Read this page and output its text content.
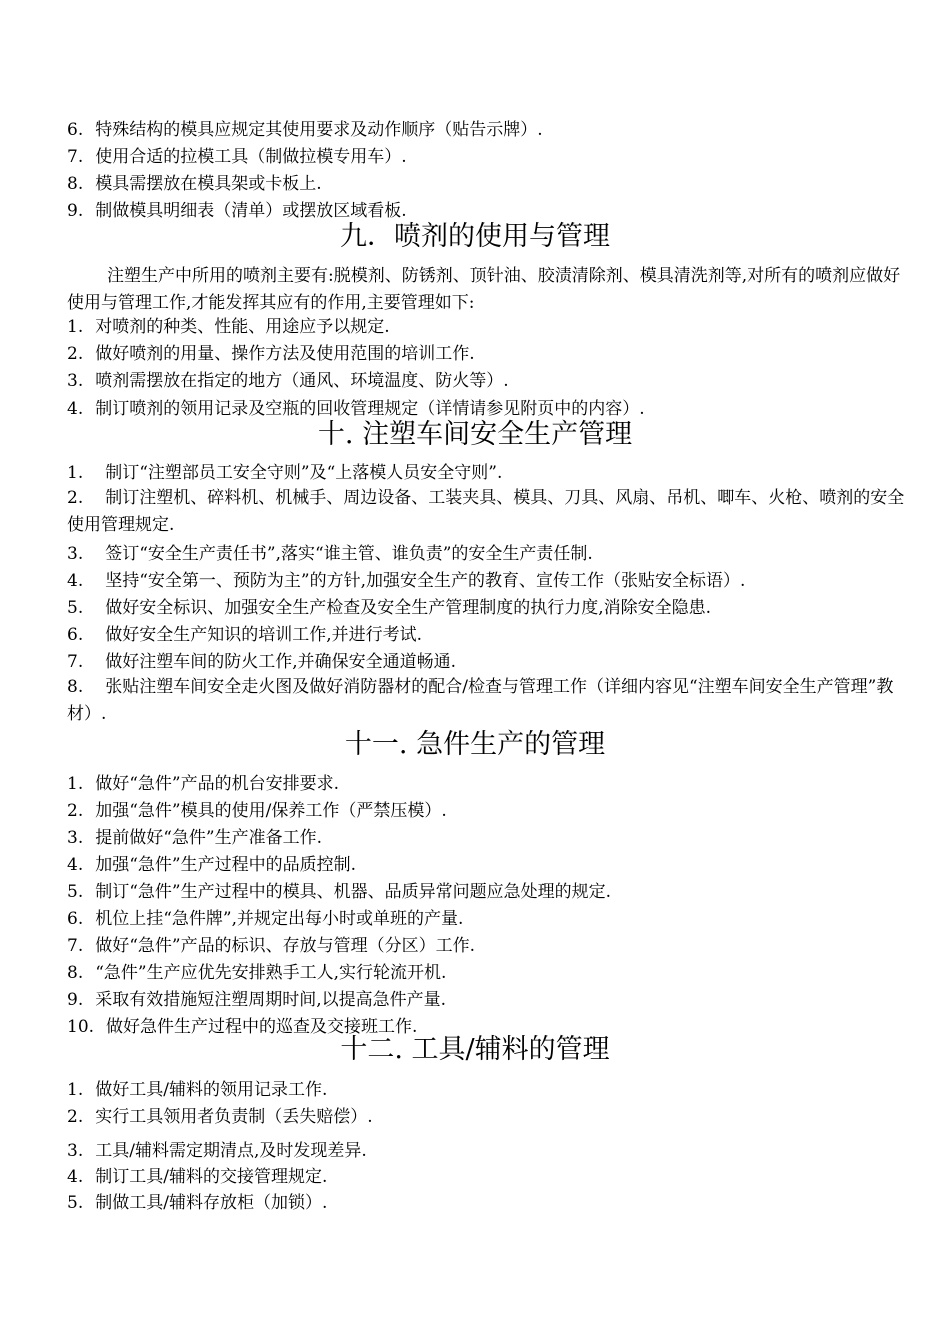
6. 特殊结构的模具应规定其使用要求及动作顺序（贴告示牌）.
7. 使用合适的拉模工具（制做拉模专用车）.
8. 模具需摆放在模具架或卡板上.
9. 制做模具明细表（清单）或摆放区域看板.
九．喷剂的使用与管理
注塑生产中所用的喷剂主要有:脱模剂、防锈剂、顶针油、胶渍清除剂、模具清洗剂等,对所有的喷剂应做好使用与管理工作,才能发挥其应有的作用,主要管理如下:
1. 对喷剂的种类、性能、用途应予以规定.
2. 做好喷剂的用量、操作方法及使用范围的培训工作.
3. 喷剂需摆放在指定的地方（通风、环境温度、防火等）.
4. 制订喷剂的领用记录及空瓶的回收管理规定（详情请参见附页中的内容）.
十. 注塑车间安全生产管理
1. 制订“注塑部员工安全守则”及“上落模人员安全守则”.
2. 制订注塑机、碎料机、机械手、周边设备、工装夹具、模具、刀具、风扇、吊机、唧车、火枪、喷剂的安全使用管理规定.
3. 签订“安全生产责任书”,落实“谁主管、谁负责”的安全生产责任制.
4. 坚持“安全第一、预防为主”的方针,加强安全生产的教育、宣传工作（张贴安全标语）.
5. 做好安全标识、加强安全生产检查及安全生产管理制度的执行力度,消除安全隐患.
6. 做好安全生产知识的培训工作,并进行考试.
7. 做好注塑车间的防火工作,并确保安全通道畅通.
8. 张贴注塑车间安全走火图及做好消防器材的配合/检查与管理工作（详细内容见“注塑车间安全生产管理”教材）.
十一. 急件生产的管理
1. 做好“急件”产品的机台安排要求.
2. 加强“急件”模具的使用/保养工作（严禁压模）.
3. 提前做好“急件”生产准备工作.
4. 加强“急件”生产过程中的品质控制.
5. 制订“急件”生产过程中的模具、机器、品质异常问题应急处理的规定.
6. 机位上挂“急件牌”,并规定出每小时或单班的产量.
7. 做好“急件”产品的标识、存放与管理（分区）工作.
8. “急件”生产应优先安排熟手工人,实行轮流开机.
9. 采取有效措施短注塑周期时间,以提高急件产量.
10. 做好急件生产过程中的巡查及交接班工作.
十二. 工具/辅料的管理
1. 做好工具/辅料的领用记录工作.
2. 实行工具领用者负责制（丢失赔偿）.
3. 工具/辅料需定期清点,及时发现差异.
4. 制订工具/辅料的交接管理规定.
5. 制做工具/辅料存放柜（加锁）.
